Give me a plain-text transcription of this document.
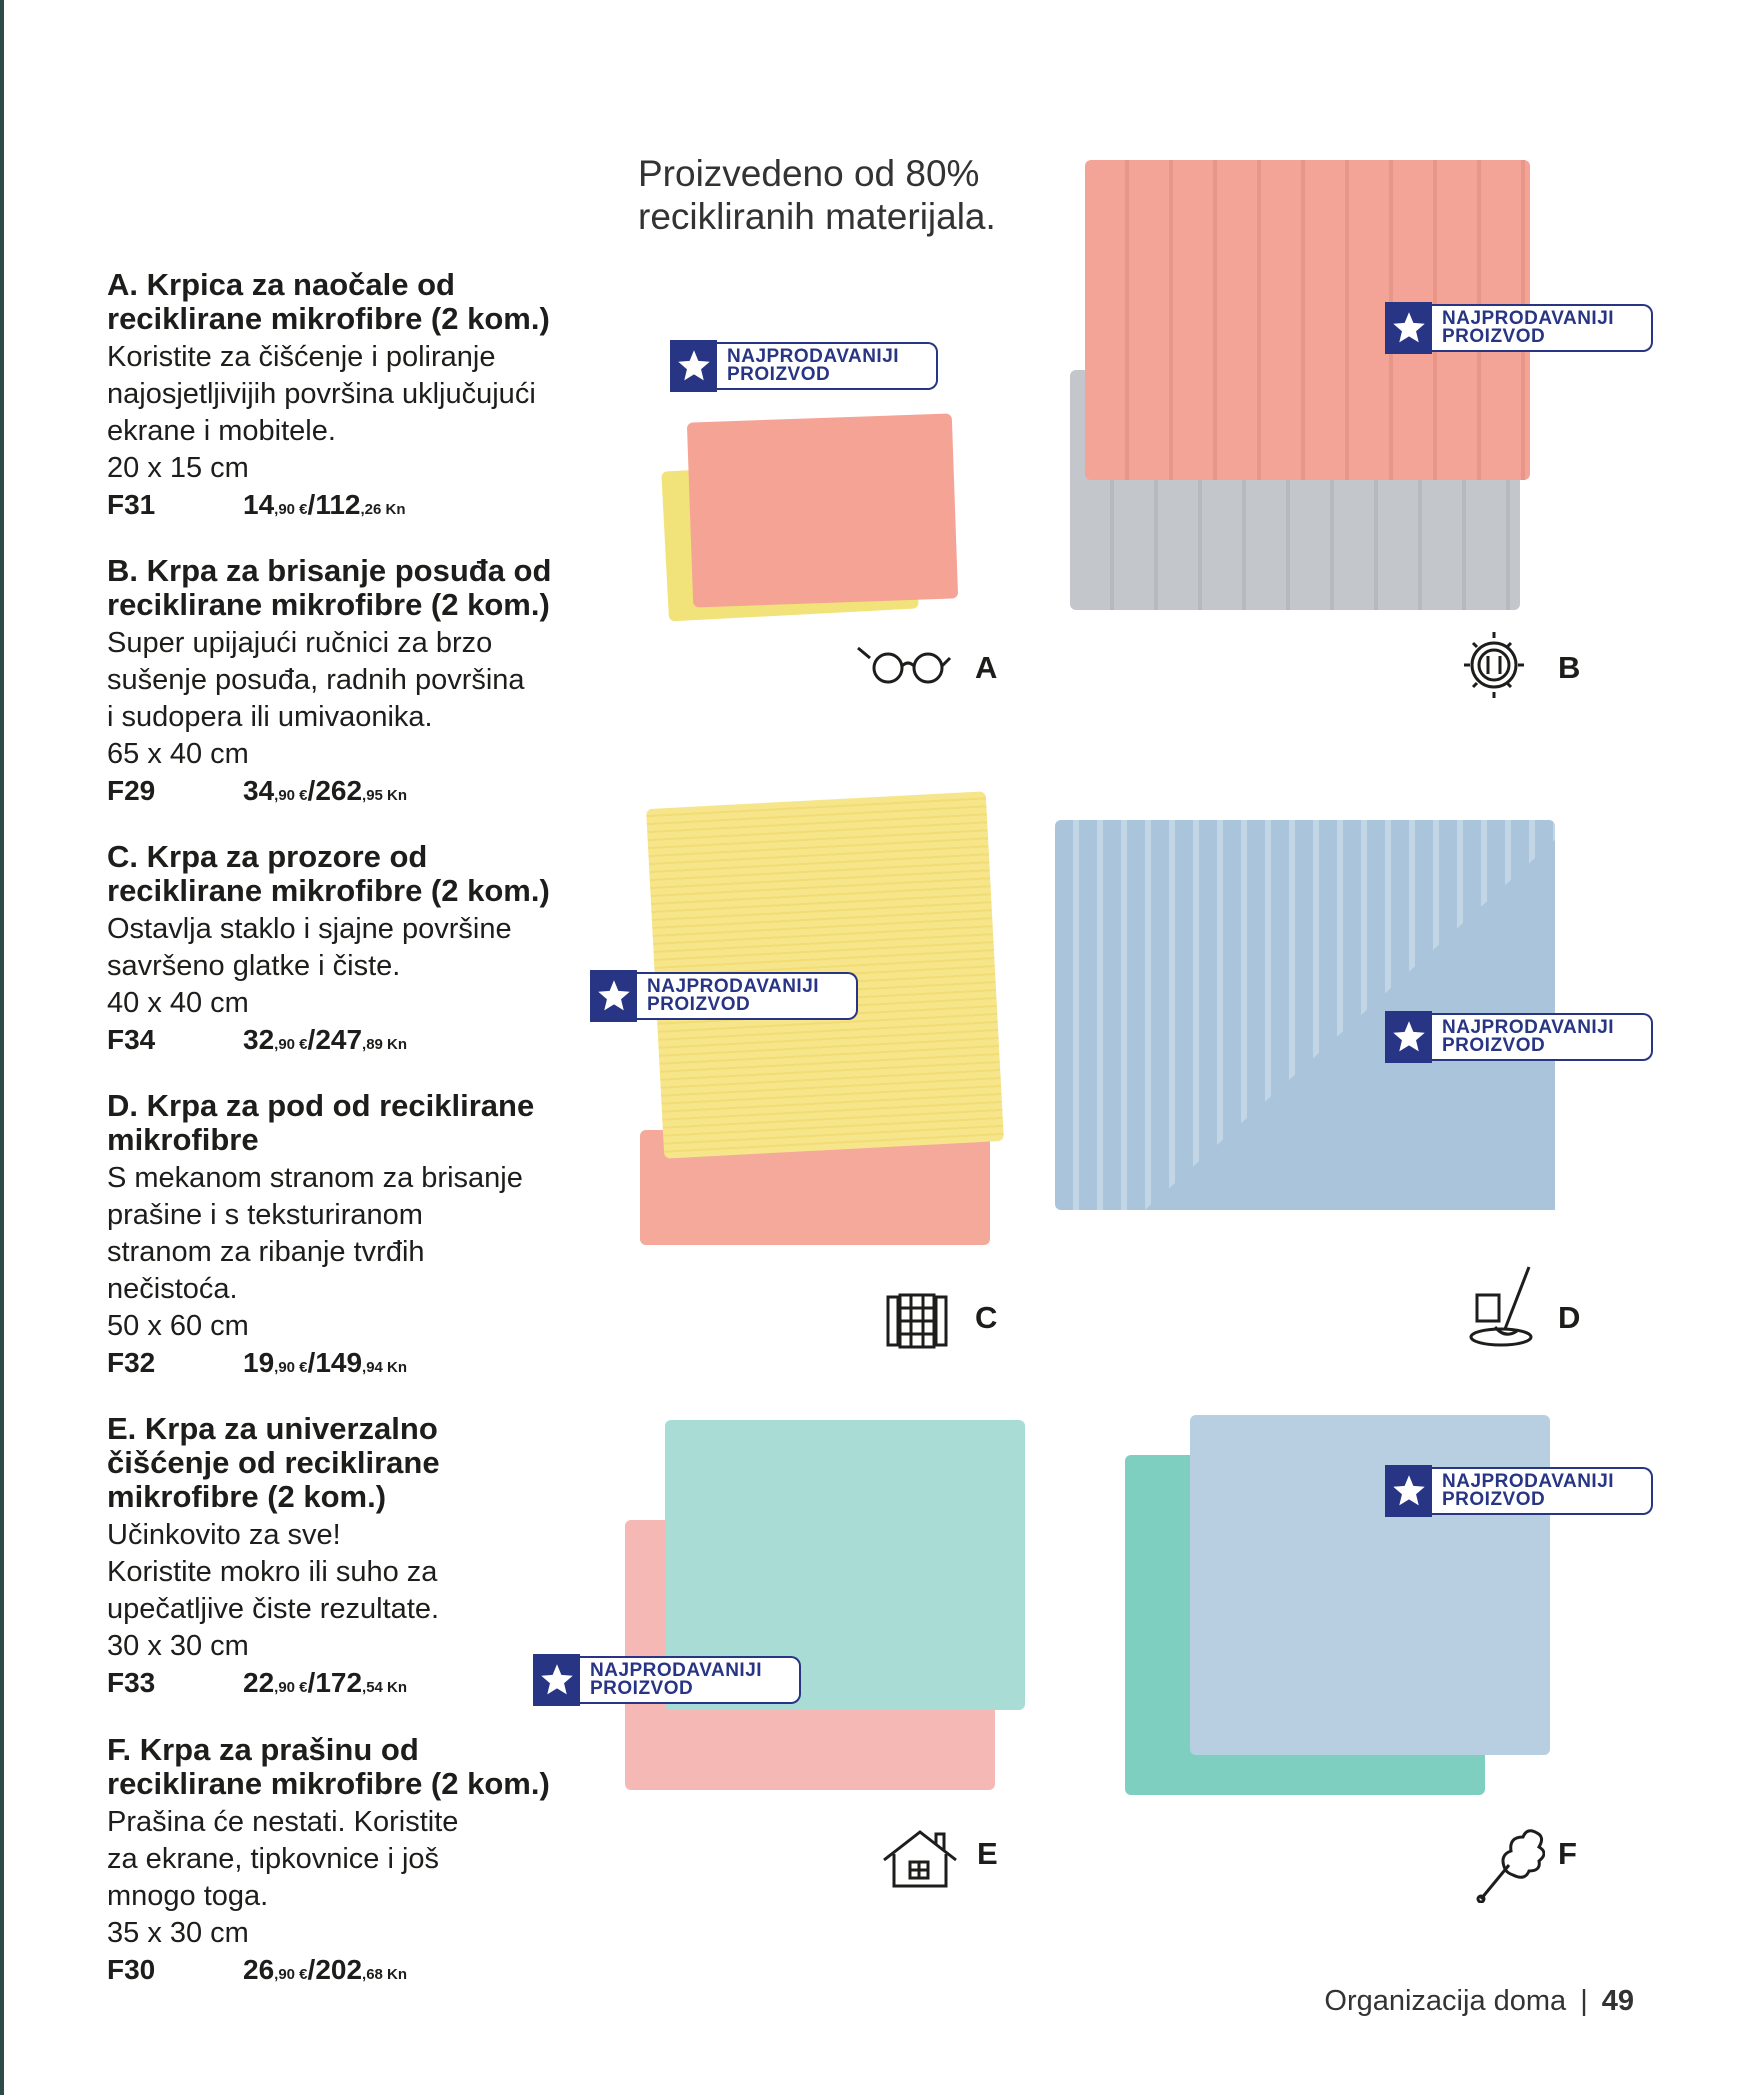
Proizvedeno od 80%
recikliranih materijala.
A. Krpica za naočale od
reciklirane mikrofibre (2 kom.)
Koristite za čišćenje i poliranje
najosjetljivijih površina uključujući
ekrane i mobitele.
20 x 15 cm
F31	14 ,90 € / 112 ,26 Kn
B. Krpa za brisanje posuđa od
reciklirane mikrofibre (2 kom.)
Super upijajući ručnici za brzo
sušenje posuđa, radnih površina
i sudopera ili umivaonika.
65 x 40 cm
F29	34 ,90 € / 262 ,95 Kn
C. Krpa za prozore od
reciklirane mikrofibre (2 kom.)
Ostavlja staklo i sjajne površine
savršeno glatke i čiste.
40 x 40 cm
F34	32 ,90 € / 247 ,89 Kn
D. Krpa za pod od reciklirane
mikrofibre
S mekanom stranom za brisanje
prašine i s teksturiranom
stranom za ribanje tvrđih
nečistoća.
50 x 60 cm
F32	19 ,90 € / 149 ,94 Kn
E. Krpa za univerzalno
čišćenje od reciklirane
mikrofibre (2 kom.)
Učinkovito za sve!
Koristite mokro ili suho za
upečatljive čiste rezultate.
30 x 30 cm
F33	22 ,90 € / 172 ,54 Kn
F. Krpa za prašinu od
reciklirane mikrofibre (2 kom.)
Prašina će nestati. Koristite
za ekrane, tipkovnice i još
mnogo toga.
35 x 30 cm
F30	26 ,90 € / 202 ,68 Kn
NAJPRODAVANIJI
PROIZVOD
NAJPRODAVANIJI
PROIZVOD
NAJPRODAVANIJI
PROIZVOD
NAJPRODAVANIJI
PROIZVOD
NAJPRODAVANIJI
PROIZVOD
NAJPRODAVANIJI
PROIZVOD
A	B
C	D
E	F
Organizacija doma | 49
